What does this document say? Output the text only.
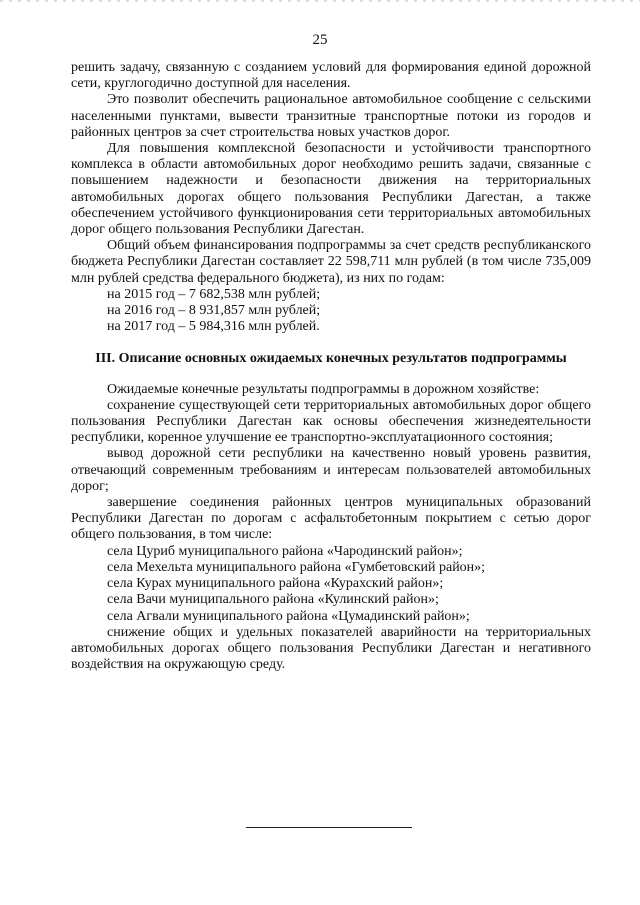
25

решить задачу, связанную с созданием условий для формирования единой дорожной сети, круглогодично доступной для населения.

Это позволит обеспечить рациональное автомобильное сообщение с сельскими населенными пунктами, вывести транзитные транспортные потоки из городов и районных центров за счет строительства новых участков дорог.

Для повышения комплексной безопасности и устойчивости транспортного комплекса в области автомобильных дорог необходимо решить задачи, связанные с повышением надежности и безопасности движения на территориальных автомобильных дорогах общего пользования Республики Дагестан, а также обеспечением устойчивого функционирования сети территориальных автомобильных дорог общего пользования Республики Дагестан.

Общий объем финансирования подпрограммы за счет средств республиканского бюджета Республики Дагестан составляет 22 598,711 млн рублей (в том числе 735,009 млн рублей средства федерального бюджета), из них по годам:

на 2015 год – 7 682,538 млн рублей;

на 2016 год – 8 931,857 млн рублей;

на 2017 год – 5 984,316 млн рублей.

III. Описание основных ожидаемых конечных результатов подпрограммы

Ожидаемые конечные результаты подпрограммы в дорожном хозяйстве:

сохранение существующей сети территориальных автомобильных дорог общего пользования Республики Дагестан как основы обеспечения жизнедеятельности республики, коренное улучшение ее транспортно-эксплуатационного состояния;

вывод дорожной сети республики на качественно новый уровень развития, отвечающий современным требованиям и интересам пользователей автомобильных дорог;

завершение соединения районных центров муниципальных образований Республики Дагестан по дорогам с асфальтобетонным покрытием с сетью дорог общего пользования, в том числе:

села Цуриб муниципального района «Чародинский район»;

села Мехельта муниципального района «Гумбетовский район»;

села Курах муниципального района «Курахский район»;

села Вачи муниципального района «Кулинский район»;

села Агвали муниципального района «Цумадинский район»;

снижение общих и удельных показателей аварийности на территориальных автомобильных дорогах общего пользования Республики Дагестан и негативного воздействия на окружающую среду.
